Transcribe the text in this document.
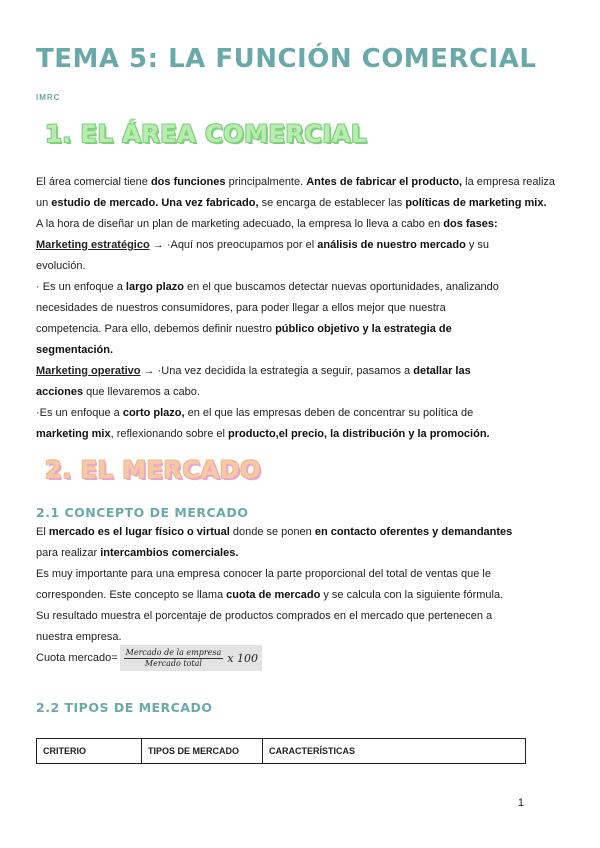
TEMA 5: LA FUNCIÓN COMERCIAL
IMRC
1. EL ÁREA COMERCIAL
El área comercial tiene dos funciones principalmente. Antes de fabricar el producto, la empresa realiza
un estudio de mercado. Una vez fabricado, se encarga de establecer las políticas de marketing mix.
A la hora de diseñar un plan de marketing adecuado, la empresa lo lleva a cabo en dos fases:
Marketing estratégico → ·Aquí nos preocupamos por el análisis de nuestro mercado y su
evolución.
· Es un enfoque a largo plazo en el que buscamos detectar nuevas oportunidades, analizando
necesidades de nuestros consumidores, para poder llegar a ellos mejor que nuestra
competencia. Para ello, debemos definir nuestro público objetivo y la estrategia de
segmentación.
Marketing operativo → ·Una vez decidida la estrategia a seguir, pasamos a detallar las
acciones que llevaremos a cabo.
·Es un enfoque a corto plazo, en el que las empresas deben de concentrar su política de
marketing mix, reflexionando sobre el producto,el precio, la distribución y la promoción.
2. EL MERCADO
2.1 CONCEPTO DE MERCADO
El mercado es el lugar físico o virtual donde se ponen en contacto oferentes y demandantes
para realizar intercambios comerciales.
Es muy importante para una empresa conocer la parte proporcional del total de ventas que le
corresponden. Este concepto se llama cuota de mercado y se calcula con la siguiente fórmula.
Su resultado muestra el porcentaje de productos comprados en el mercado que pertenecen a
nuestra empresa.
Cuota mercado= $\frac{\text{Mercado de la empresa}}{\text{Mercado total}}$ x 100
2.2 TIPOS DE MERCADO
CRITERIO	TIPOS DE MERCADO	CARACTERÍSTICAS
1
